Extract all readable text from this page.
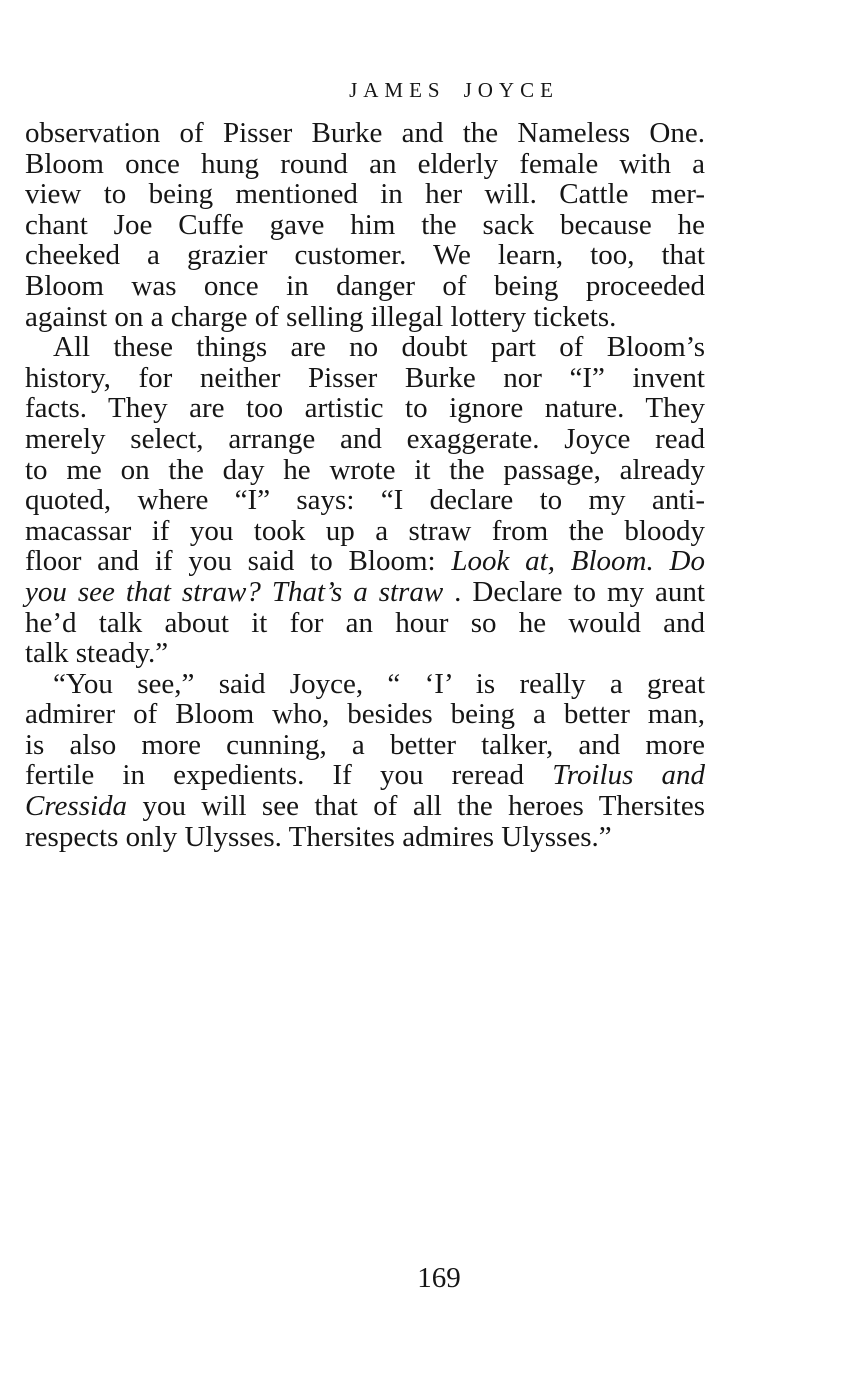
JAMES JOYCE
observation of Pisser Burke and the Nameless One.
Bloom once hung round an elderly female with a
view to being mentioned in her will. Cattle mer-
chant Joe Cuffe gave him the sack because he
cheeked a grazier customer. We learn, too, that
Bloom was once in danger of being proceeded
against on a charge of selling illegal lottery tickets.
All these things are no doubt part of Bloom’s
history, for neither Pisser Burke nor “I” invent
facts. They are too artistic to ignore nature. They
merely select, arrange and exaggerate. Joyce read
to me on the day he wrote it the passage, already
quoted, where “I” says: “I declare to my anti-
macassar if you took up a straw from the bloody
floor and if you said to Bloom: Look at, Bloom. Do
you see that straw? That’s a straw . Declare to my aunt
he’d talk about it for an hour so he would and
talk steady.”
“You see,” said Joyce, “ ‘I’ is really a great
admirer of Bloom who, besides being a better man,
is also more cunning, a better talker, and more
fertile in expedients. If you reread Troilus and
Cressida you will see that of all the heroes Thersites
respects only Ulysses. Thersites admires Ulysses.”
169
